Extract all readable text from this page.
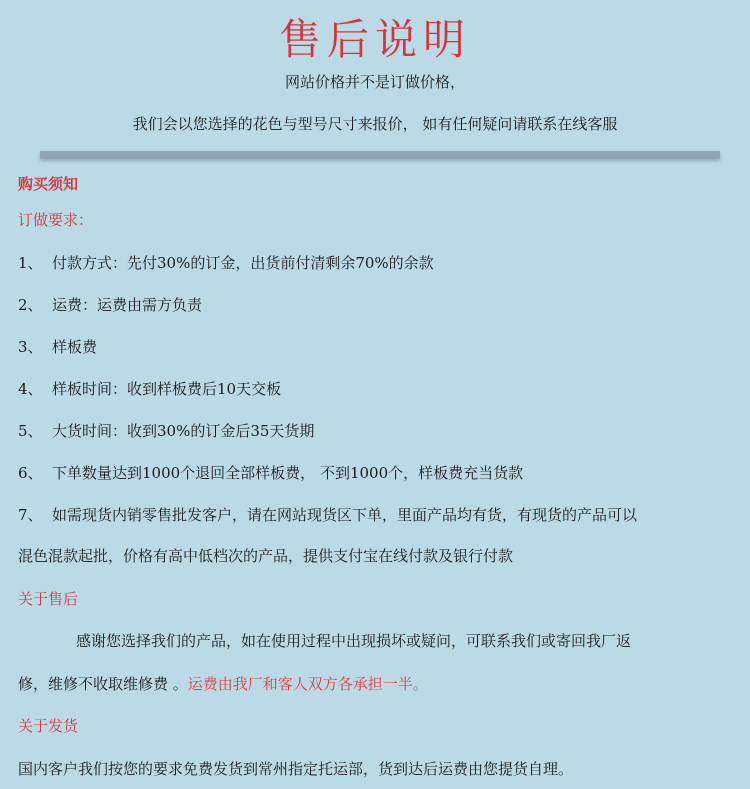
售后说明
网站价格并不是订做价格，
我们会以您选择的花色与型号尺寸来报价， 如有任何疑问请联系在线客服
购买须知
订做要求：
1、 付款方式：先付30%的订金，出货前付清剩余70%的余款
2、 运费：运费由需方负责
3、 样板费
4、 样板时间：收到样板费后10天交板
5、 大货时间：收到30%的订金后35天货期
6、 下单数量达到1000个退回全部样板费， 不到1000个，样板费充当货款
7、 如需现货内销零售批发客户，请在网站现货区下单，里面产品均有货，有现货的产品可以
混色混款起批，价格有高中低档次的产品，提供支付宝在线付款及银行付款
关于售后
感谢您选择我们的产品，如在使用过程中出现损坏或疑问，可联系我们或寄回我厂返
修，维修不收取维修费 。运费由我厂和客人双方各承担一半。
关于发货
国内客户我们按您的要求免费发货到常州指定托运部，货到达后运费由您提货自理。
